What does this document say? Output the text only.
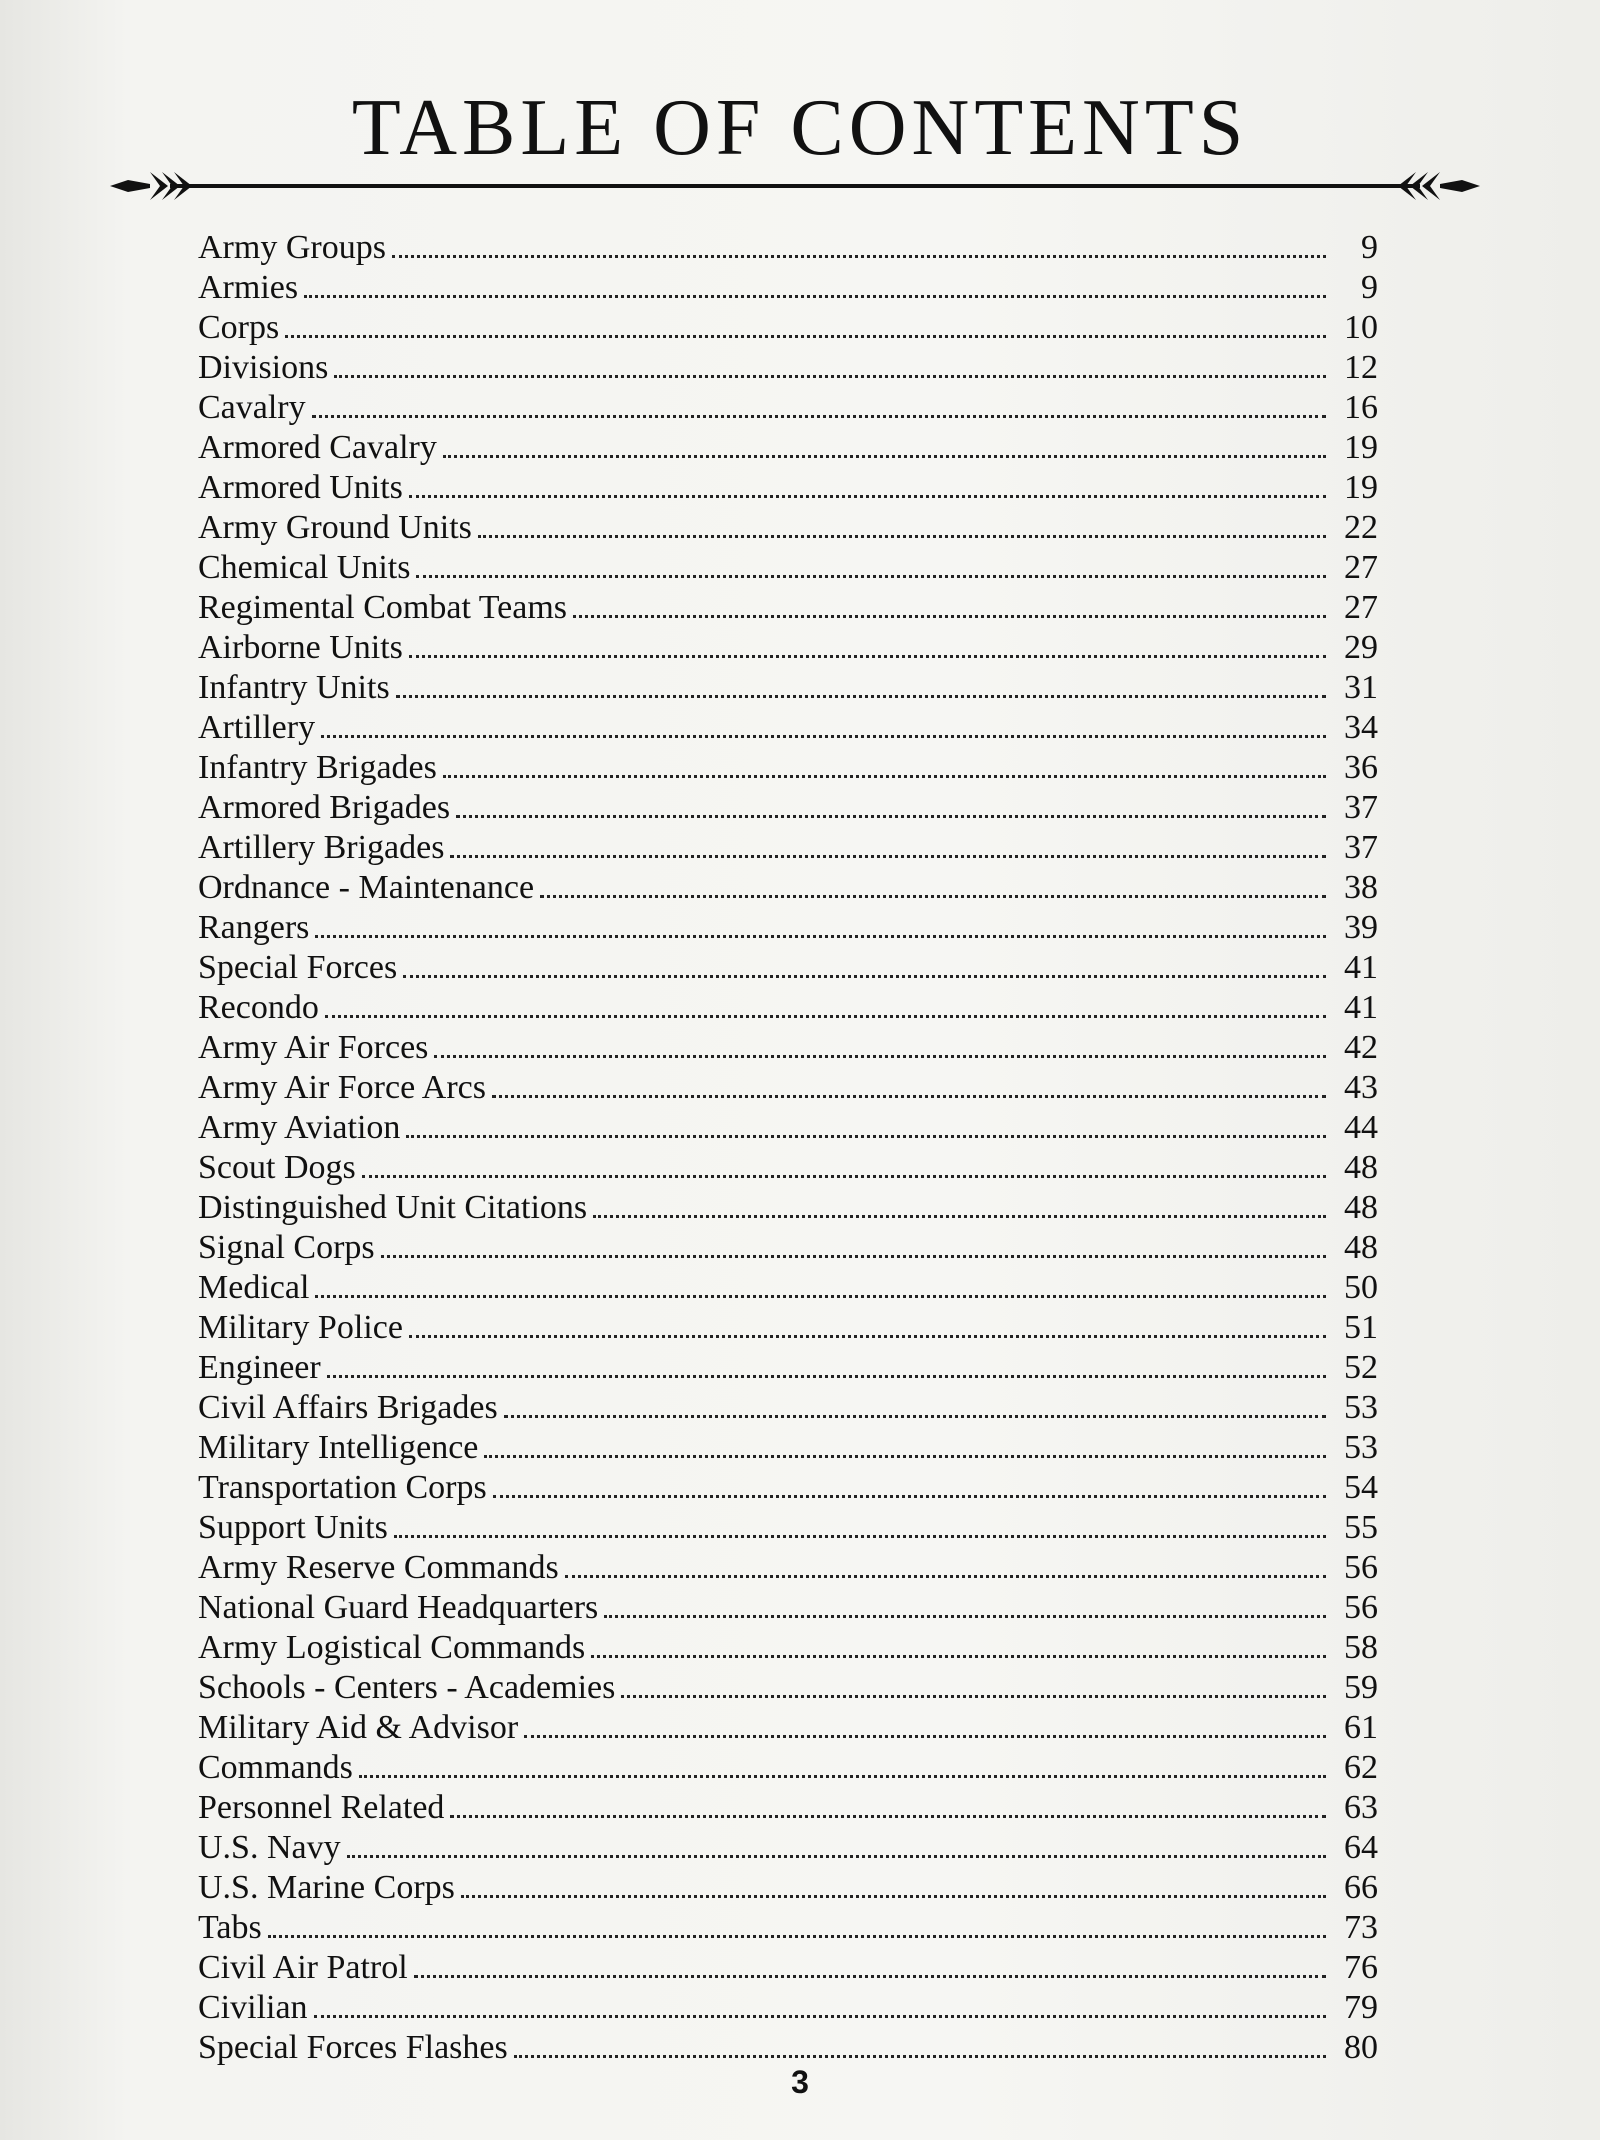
TABLE OF CONTENTS
Army Groups	9
Armies	9
Corps	10
Divisions	12
Cavalry	16
Armored Cavalry	19
Armored Units	19
Army Ground Units	22
Chemical Units	27
Regimental Combat Teams	27
Airborne Units	29
Infantry Units	31
Artillery	34
Infantry Brigades	36
Armored Brigades	37
Artillery Brigades	37
Ordnance - Maintenance	38
Rangers	39
Special Forces	41
Recondo	41
Army Air Forces	42
Army Air Force Arcs	43
Army Aviation	44
Scout Dogs	48
Distinguished Unit Citations	48
Signal Corps	48
Medical	50
Military Police	51
Engineer	52
Civil Affairs Brigades	53
Military Intelligence	53
Transportation Corps	54
Support Units	55
Army Reserve Commands	56
National Guard Headquarters	56
Army Logistical Commands	58
Schools - Centers - Academies	59
Military Aid & Advisor	61
Commands	62
Personnel Related	63
U.S. Navy	64
U.S. Marine Corps	66
Tabs	73
Civil Air Patrol	76
Civilian	79
Special Forces Flashes	80
3
